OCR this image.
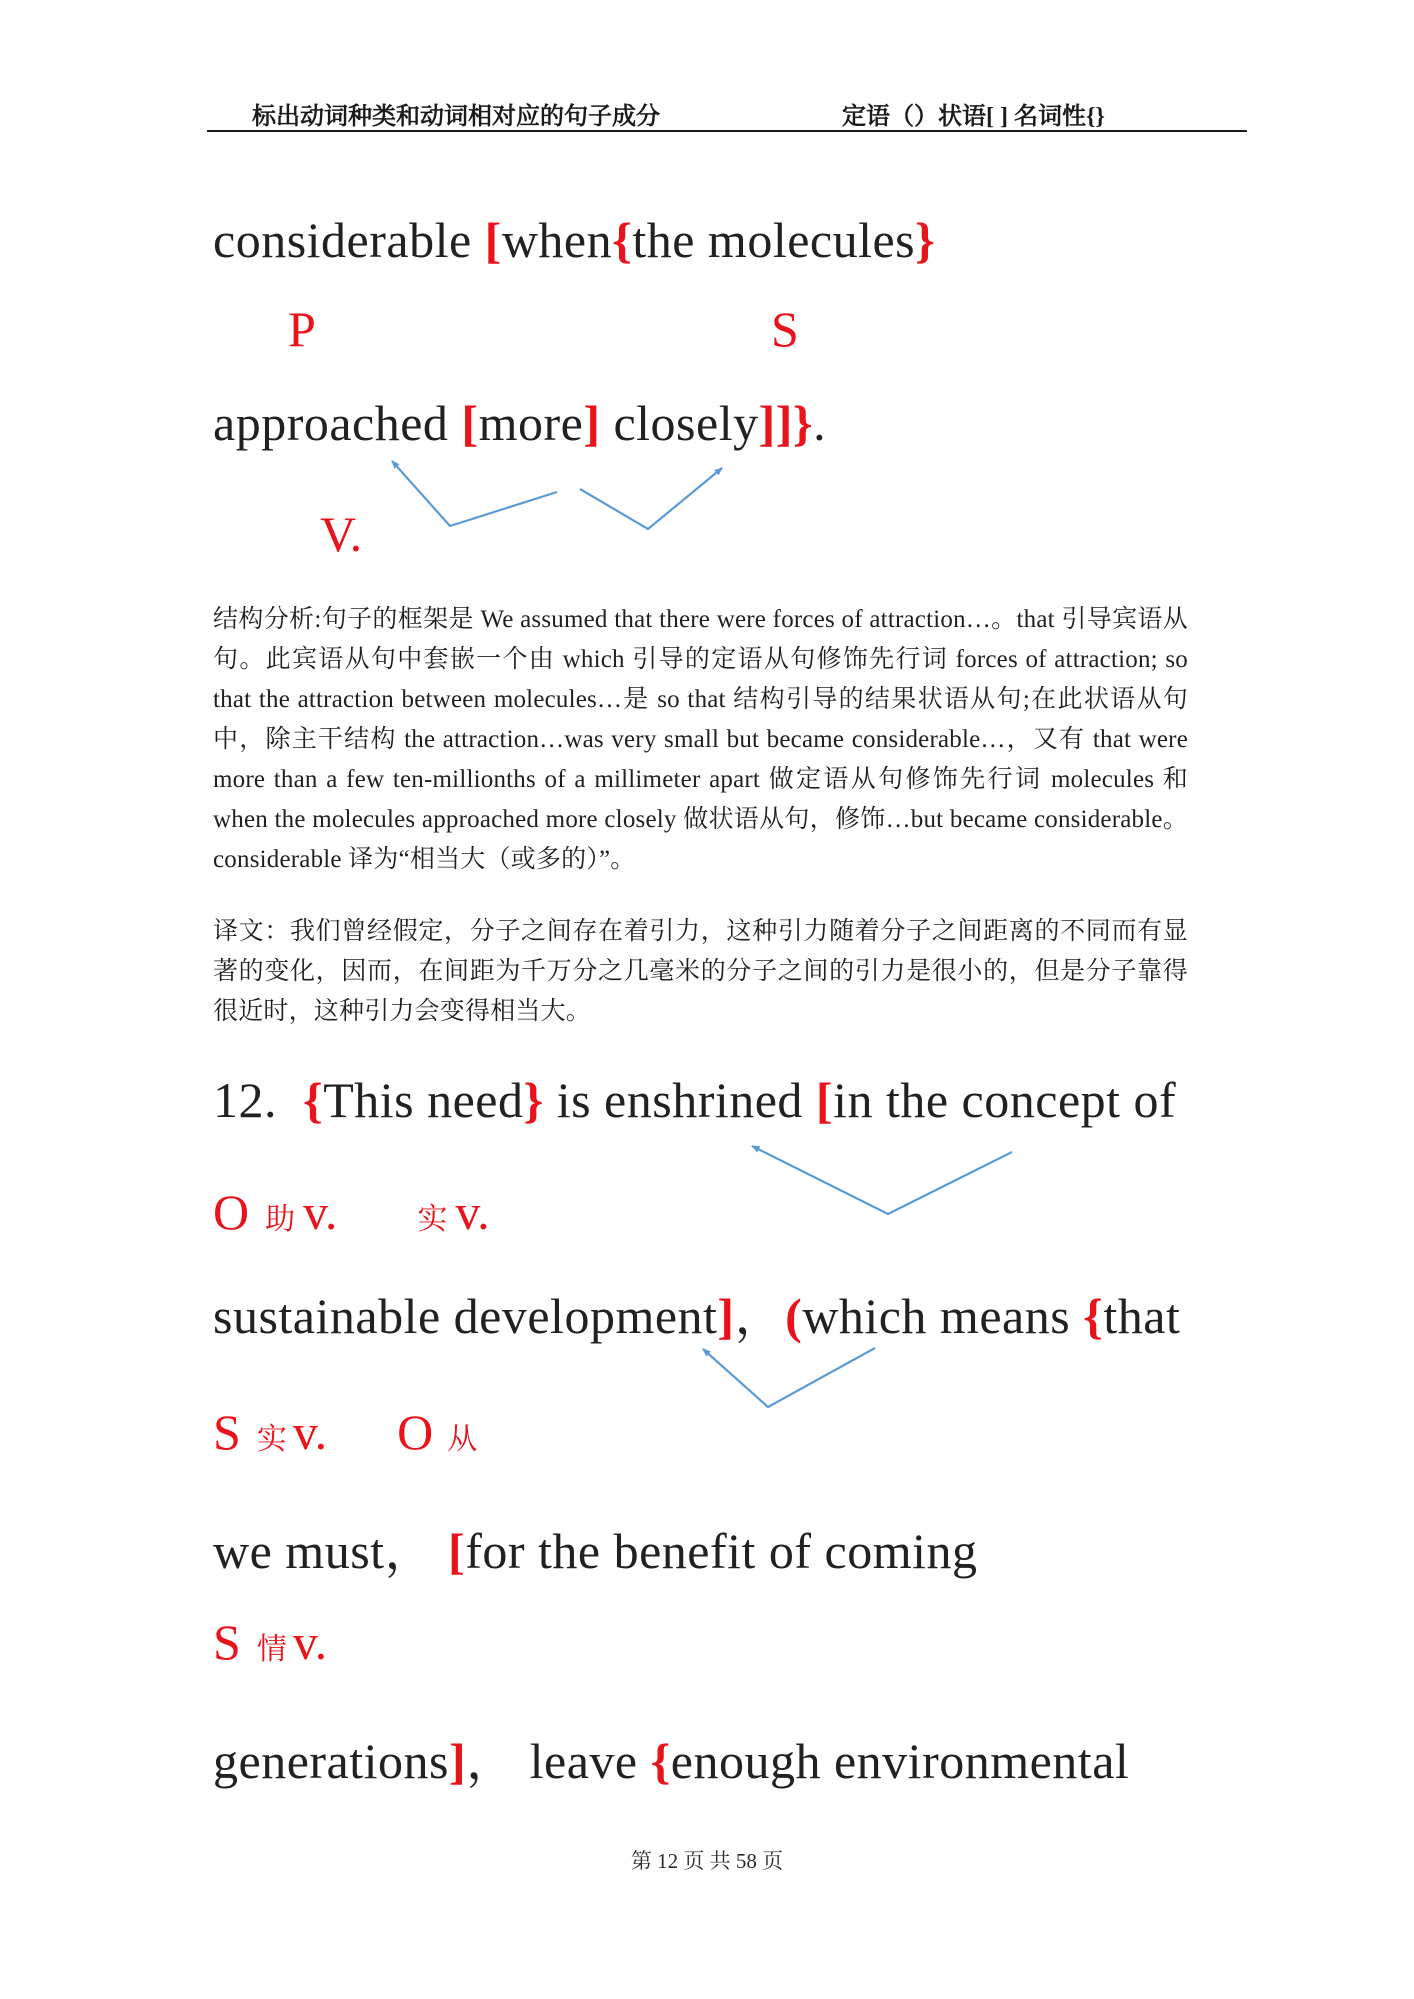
标出动词种类和动词相对应的句子成分	定语（）状语[ ] 名词性{}
considerable [when{the molecules}
P	S
approached [more] closely]]}.
V.
结构分析:句子的框架是 We assumed that there were forces of attraction…。that 引导宾语从句。此宾语从句中套嵌一个由 which 引导的定语从句修饰先行词 forces of attraction; so that the attraction between molecules…是 so that 结构引导的结果状语从句;在此状语从句中，除主干结构 the attraction…was very small but became considerable…，又有 that were more than a few ten-millionths of a millimeter apart 做定语从句修饰先行词 molecules 和 when the molecules approached more closely 做状语从句，修饰…but became considerable。considerable 译为“相当大（或多的）”。
译文：我们曾经假定，分子之间存在着引力，这种引力随着分子之间距离的不同而有显著的变化，因而，在间距为千万分之几毫米的分子之间的引力是很小的，但是分子靠得很近时，这种引力会变得相当大。
12.  {This need} is enshrined [in the concept of
O 助 v.	实 v.
sustainable development]，(which means {that
S 实 v. O 从
we must， [for the benefit of coming
S 情 v.
generations]， leave {enough environmental
第 12 页 共 58 页
